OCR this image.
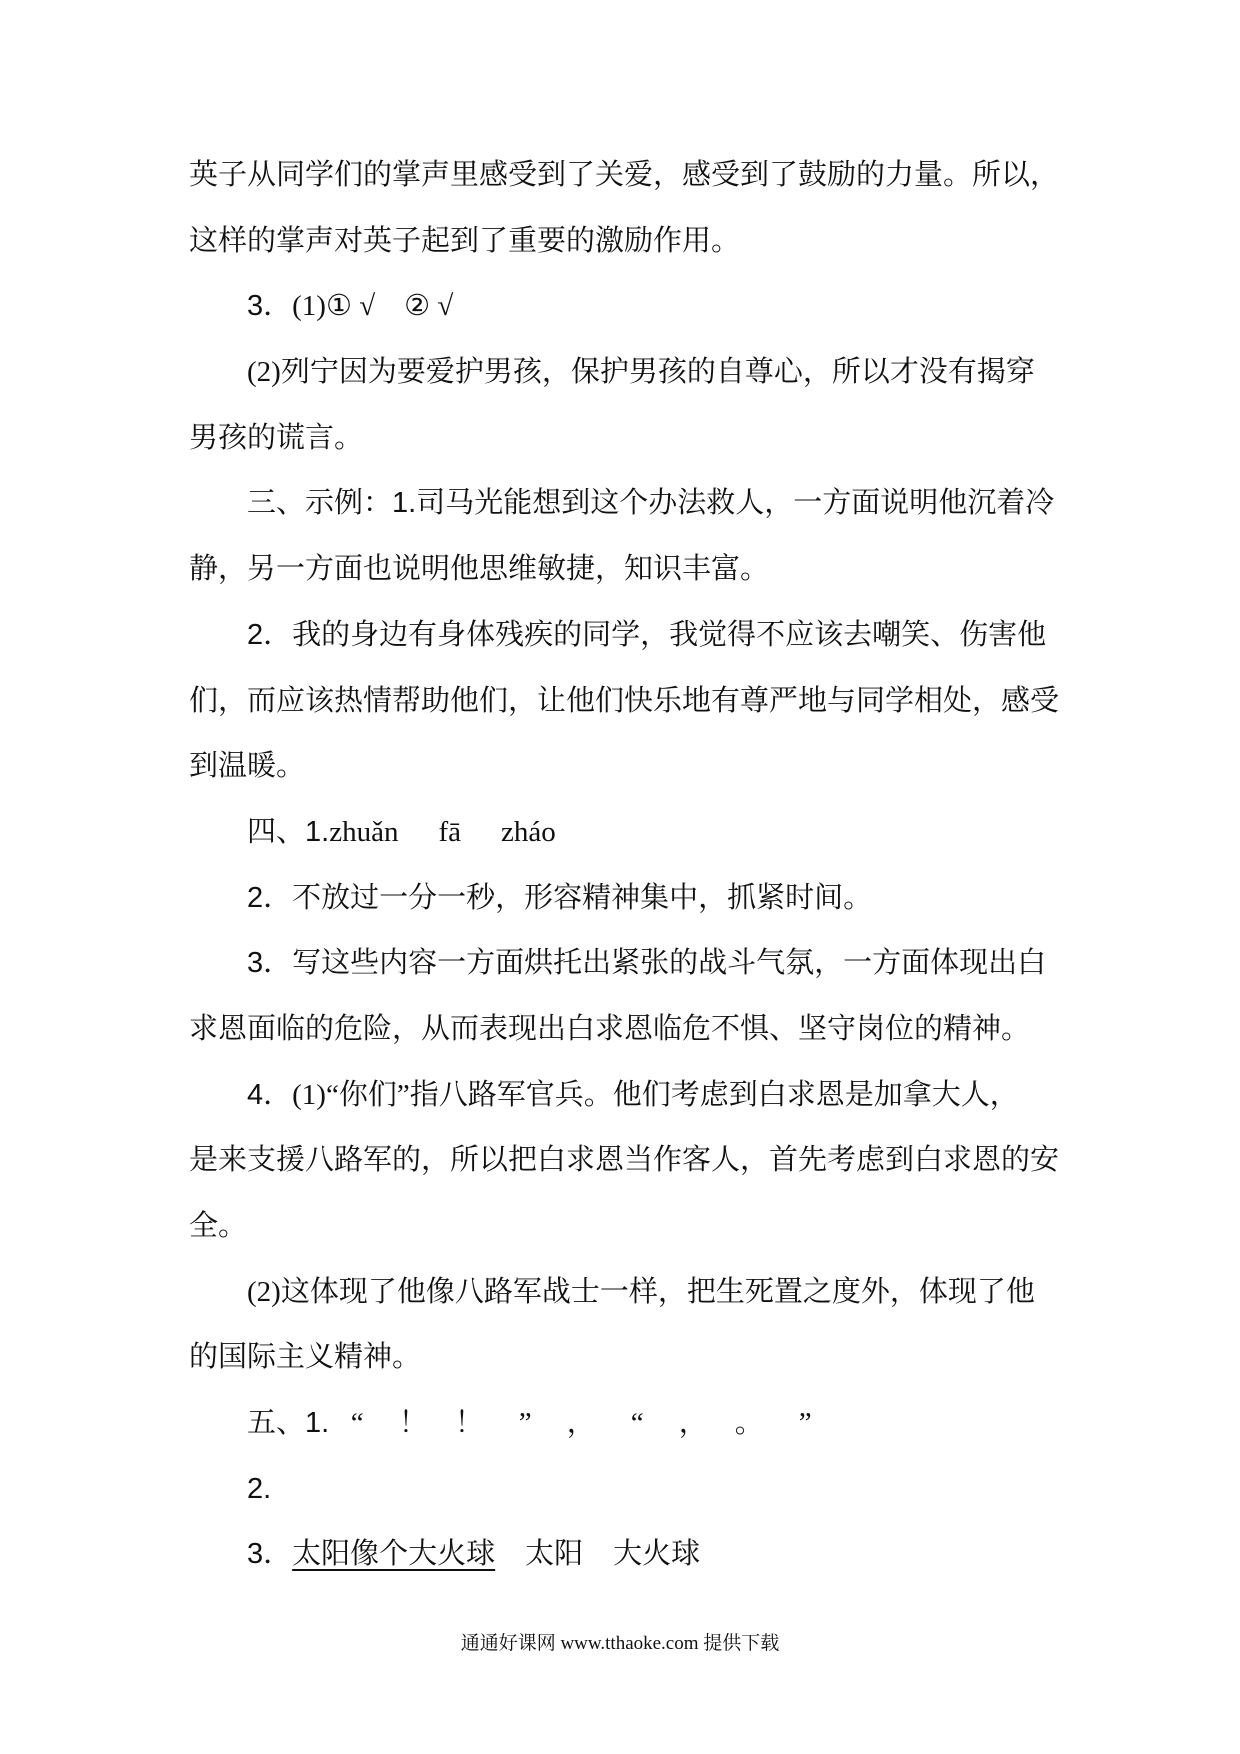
英子从同学们的掌声里感受到了关爱，感受到了鼓励的力量。所以，
这样的掌声对英子起到了重要的激励作用。
3．(1)① √　② √
(2)列宁因为要爱护男孩，保护男孩的自尊心，所以才没有揭穿
男孩的谎言。
三、示例：1.司马光能想到这个办法救人，一方面说明他沉着冷
静，另一方面也说明他思维敏捷，知识丰富。
2．我的身边有身体残疾的同学，我觉得不应该去嘲笑、伤害他
们，而应该热情帮助他们，让他们快乐地有尊严地与同学相处，感受
到温暖。
四、1.zhuǎn fā zháo
2．不放过一分一秒，形容精神集中，抓紧时间。
3．写这些内容一方面烘托出紧张的战斗气氛，一方面体现出白
求恩面临的危险，从而表现出白求恩临危不惧、坚守岗位的精神。
4．(1)“你们”指八路军官兵。他们考虑到白求恩是加拿大人，
是来支援八路军的，所以把白求恩当作客人，首先考虑到白求恩的安
全。
(2)这体现了他像八路军战士一样，把生死置之度外，体现了他
的国际主义精神。
五、1. “ ！ ！ ” ， “ ， 。 ”
2.
3．太阳像个大火球 太阳 大火球
通通好课网 www.tthaoke.com 提供下载
